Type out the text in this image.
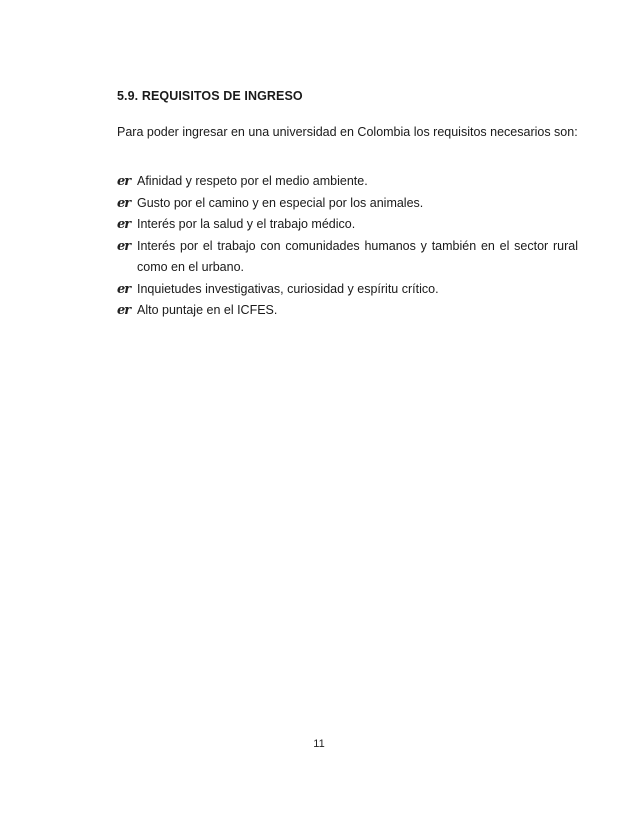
5.9. REQUISITOS DE INGRESO
Para poder ingresar en una universidad en Colombia los requisitos necesarios son:
er Afinidad y respeto por el medio ambiente.
er Gusto por el camino y en especial por los animales.
er Interés por la salud y el trabajo médico.
er Interés por el trabajo con comunidades humanos y también en el sector rural como en el urbano.
er Inquietudes investigativas, curiosidad y espíritu crítico.
er Alto puntaje en el ICFES.
11
